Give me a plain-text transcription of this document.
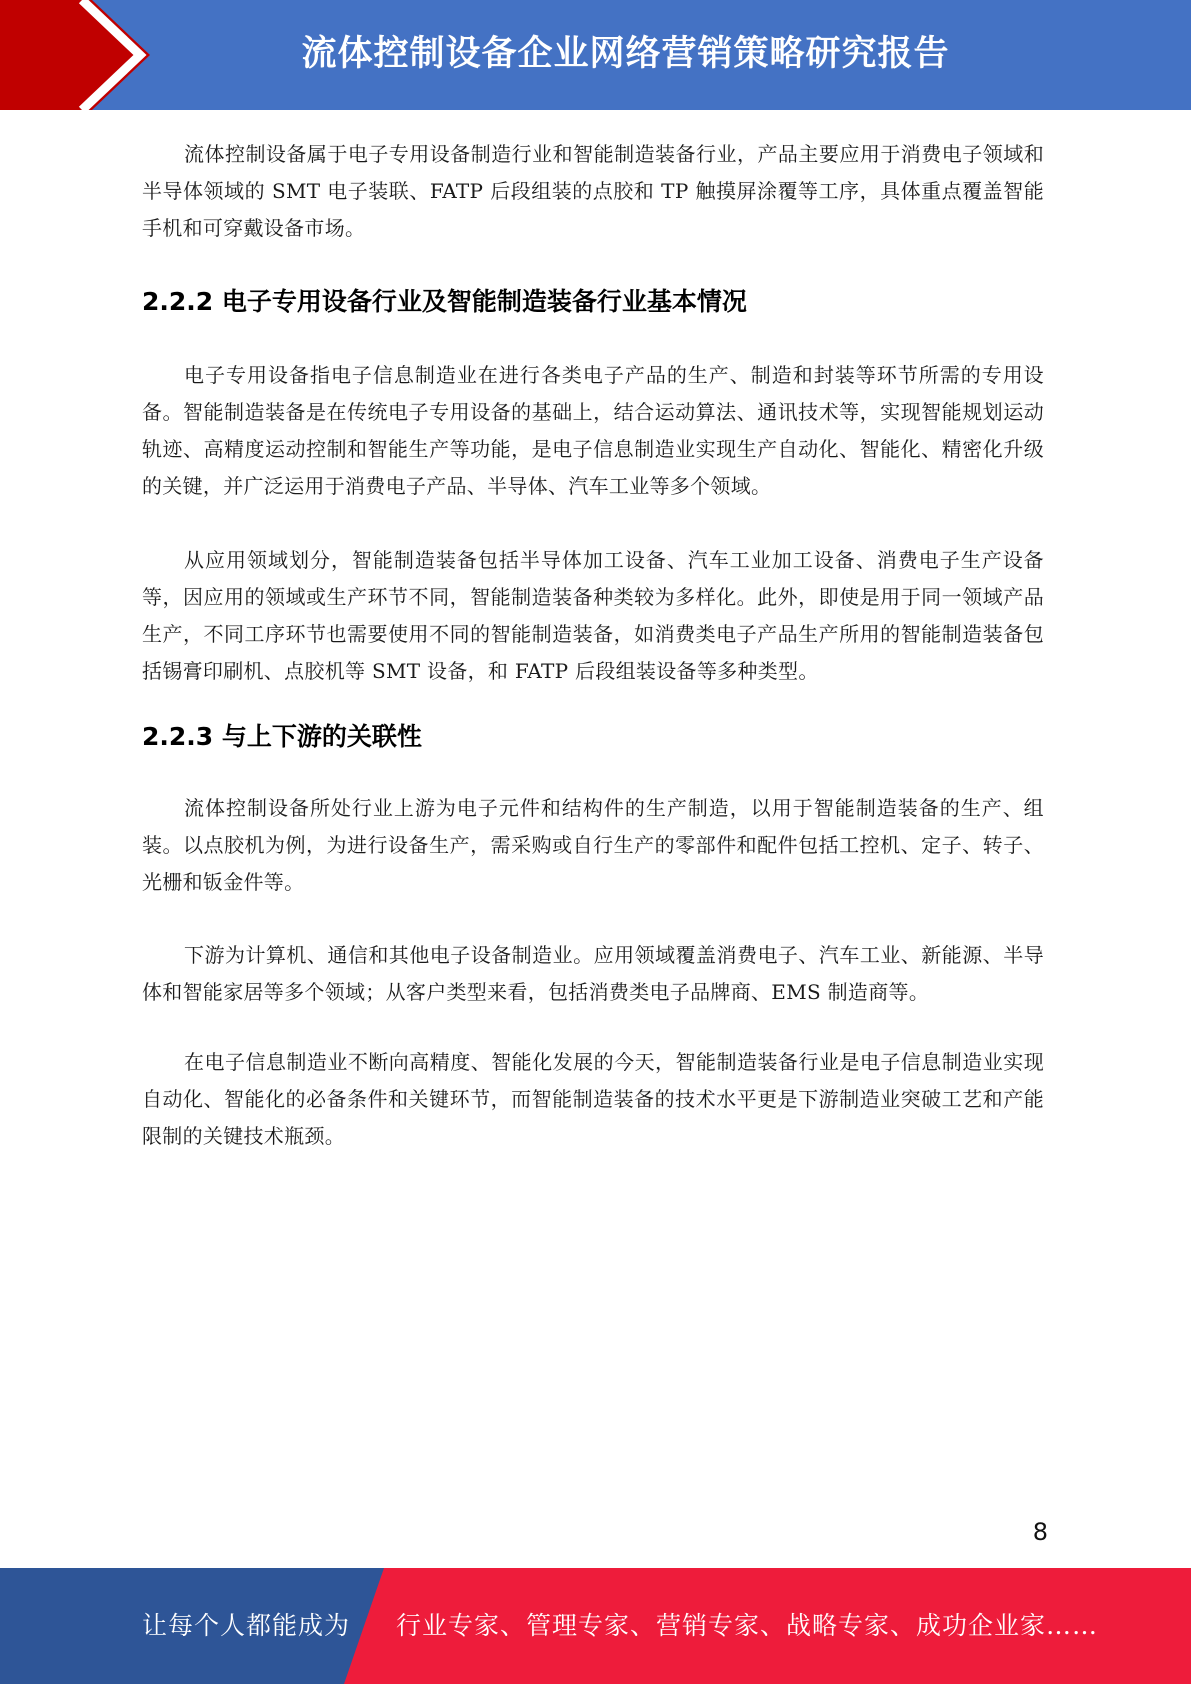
流体控制设备企业网络营销策略研究报告

流体控制设备属于电子专用设备制造行业和智能制造装备行业，产品主要应用于消费电子领域和半导体领域的 SMT 电子装联、FATP 后段组装的点胶和 TP 触摸屏涂覆等工序，具体重点覆盖智能手机和可穿戴设备市场。

2.2.2 电子专用设备行业及智能制造装备行业基本情况

电子专用设备指电子信息制造业在进行各类电子产品的生产、制造和封装等环节所需的专用设备。智能制造装备是在传统电子专用设备的基础上，结合运动算法、通讯技术等，实现智能规划运动轨迹、高精度运动控制和智能生产等功能，是电子信息制造业实现生产自动化、智能化、精密化升级的关键，并广泛运用于消费电子产品、半导体、汽车工业等多个领域。

从应用领域划分，智能制造装备包括半导体加工设备、汽车工业加工设备、消费电子生产设备等，因应用的领域或生产环节不同，智能制造装备种类较为多样化。此外，即使是用于同一领域产品生产，不同工序环节也需要使用不同的智能制造装备，如消费类电子产品生产所用的智能制造装备包括锡膏印刷机、点胶机等 SMT 设备，和 FATP 后段组装设备等多种类型。

2.2.3 与上下游的关联性

流体控制设备所处行业上游为电子元件和结构件的生产制造，以用于智能制造装备的生产、组装。以点胶机为例，为进行设备生产，需采购或自行生产的零部件和配件包括工控机、定子、转子、光栅和钣金件等。

下游为计算机、通信和其他电子设备制造业。应用领域覆盖消费电子、汽车工业、新能源、半导体和智能家居等多个领域；从客户类型来看，包括消费类电子品牌商、EMS 制造商等。

在电子信息制造业不断向高精度、智能化发展的今天，智能制造装备行业是电子信息制造业实现自动化、智能化的必备条件和关键环节，而智能制造装备的技术水平更是下游制造业突破工艺和产能限制的关键技术瓶颈。

8
让每个人都能成为 行业专家、管理专家、营销专家、战略专家、成功企业家……
